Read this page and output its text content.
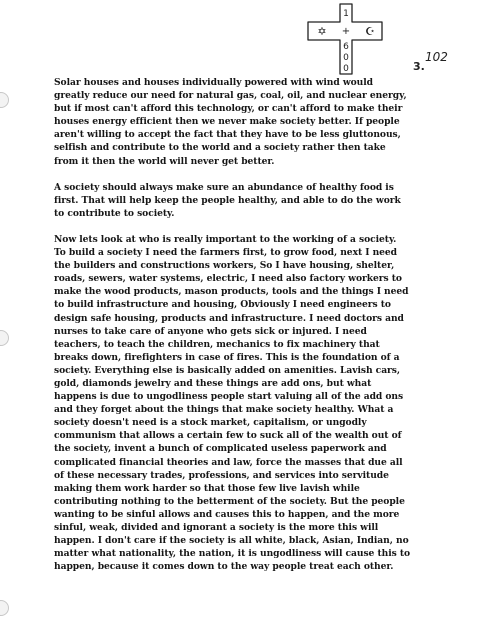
1
+
6
0
0
✡	☪
102
3.
Solar houses and houses individually powered with wind would
greatly reduce our need for natural gas, coal, oil, and nuclear energy,
but if most can't afford this technology, or can't afford to make their
houses energy efficient then we never make society better. If people
aren't willing to accept the fact that they have to be less gluttonous,
selfish and contribute to the world and a society rather then take
from it then the world will never get better.
A society should always make sure an abundance of healthy food is
first. That will help keep the people healthy, and able to do the work
to contribute to society.
Now lets look at who is really important to the working of a society.
To build a society I need the farmers first, to grow food, next I need
the builders and constructions workers, So I have housing, shelter,
roads, sewers, water systems, electric, I need also factory workers to
make the wood products, mason products, tools and the things I need
to build infrastructure and housing, Obviously I need engineers to
design safe housing, products and infrastructure. I need doctors and
nurses to take care of anyone who gets sick or injured. I need
teachers, to teach the children, mechanics to fix machinery that
breaks down, firefighters in case of fires. This is the foundation of a
society. Everything else is basically added on amenities. Lavish cars,
gold, diamonds jewelry and these things are add ons, but what
happens is due to ungodliness people start valuing all of the add ons
and they forget about the things that make society healthy. What a
society doesn't need is a stock market, capitalism, or ungodly
communism that allows a certain few to suck all of the wealth out of
the society, invent a bunch of complicated useless paperwork and
complicated financial theories and law, force the masses that due all
of these necessary trades, professions, and services into servitude
making them work harder so that those few live lavish while
contributing nothing to the betterment of the society. But the people
wanting to be sinful allows and causes this to happen, and the more
sinful, weak, divided and ignorant a society is the more this will
happen. I don't care if the society is all white, black, Asian, Indian, no
matter what nationality, the nation, it is ungodliness will cause this to
happen, because it comes down to the way people treat each other.
